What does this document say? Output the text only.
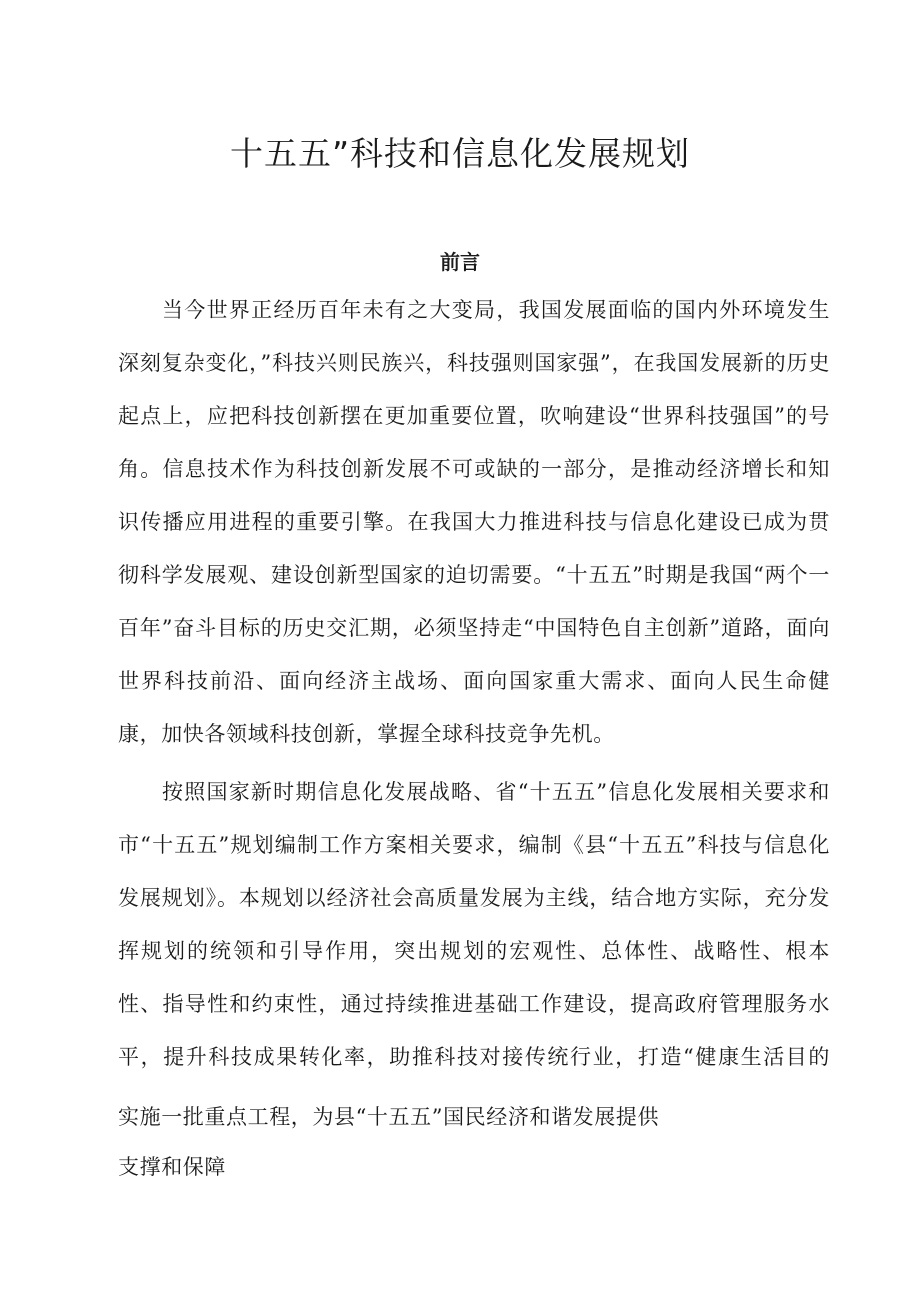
十五五”科技和信息化发展规划
前言

当今世界正经历百年未有之大变局，我国发展面临的国内外环境发生深刻复杂变化，”科技兴则民族兴，科技强则国家强”，在我国发展新的历史起点上，应把科技创新摆在更加重要位置，吹响建设“世界科技强国”的号角。信息技术作为科技创新发展不可或缺的一部分，是推动经济增长和知识传播应用进程的重要引擎。在我国大力推进科技与信息化建设已成为贯彻科学发展观、建设创新型国家的迫切需要。“十五五”时期是我国“两个一百年”奋斗目标的历史交汇期，必须坚持走“中国特色自主创新”道路，面向世界科技前沿、面向经济主战场、面向国家重大需求、面向人民生命健康，加快各领域科技创新，掌握全球科技竞争先机。

按照国家新时期信息化发展战略、省“十五五”信息化发展相关要求和市“十五五”规划编制工作方案相关要求，编制《县“十五五”科技与信息化发展规划》。本规划以经济社会高质量发展为主线，结合地方实际，充分发挥规划的统领和引导作用，突出规划的宏观性、总体性、战略性、根本性、指导性和约束性，通过持续推进基础工作建设，提高政府管理服务水平，提升科技成果转化率，助推科技对接传统行业，打造“健康生活目的

实施一批重点工程，为县“十五五”国民经济和谐发展提供

支撑和保障
